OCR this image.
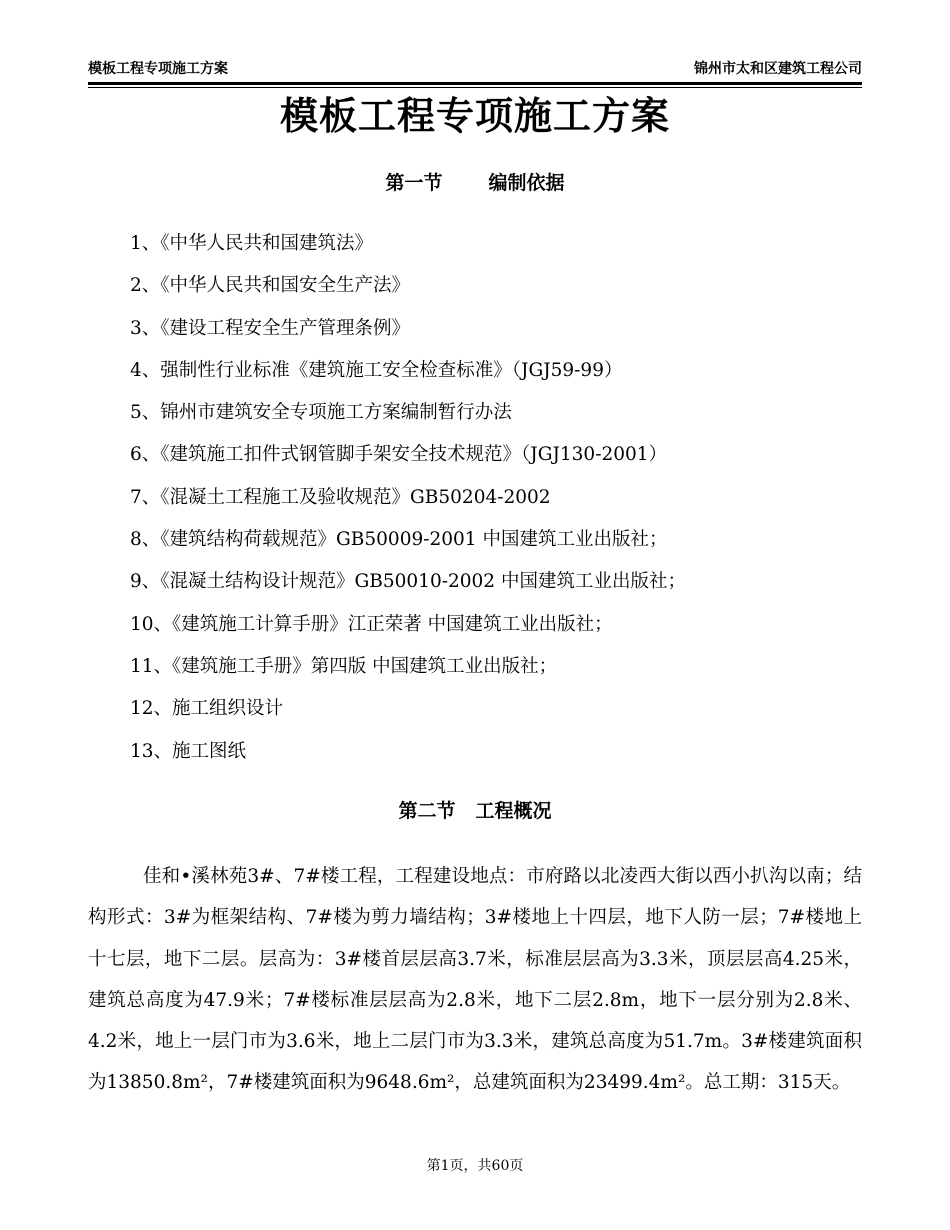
模板工程专项施工方案	锦州市太和区建筑工程公司
模板工程专项施工方案
第一节 编制依据
1、《中华人民共和国建筑法》
2、《中华人民共和国安全生产法》
3、《建设工程安全生产管理条例》
4、强制性行业标准《建筑施工安全检查标准》（JGJ59-99）
5、锦州市建筑安全专项施工方案编制暂行办法
6、《建筑施工扣件式钢管脚手架安全技术规范》（JGJ130-2001）
7、《混凝土工程施工及验收规范》GB50204-2002
8、《建筑结构荷载规范》GB50009-2001 中国建筑工业出版社；
9、《混凝土结构设计规范》GB50010-2002 中国建筑工业出版社；
10、《建筑施工计算手册》江正荣著 中国建筑工业出版社；
11、《建筑施工手册》第四版 中国建筑工业出版社；
12、施工组织设计
13、施工图纸
第二节 工程概况

佳和•溪林苑3#、7#楼工程，工程建设地点：市府路以北凌西大街以西小扒沟以南；结构形式：3#为框架结构、7#楼为剪力墙结构；3#楼地上十四层，地下人防一层；7#楼地上十七层，地下二层。层高为：3#楼首层层高3.7米，标准层层高为3.3米，顶层层高4.25米，建筑总高度为47.9米；7#楼标准层层高为2.8米，地下二层2.8m，地下一层分别为2.8米、4.2米，地上一层门市为3.6米，地上二层门市为3.3米，建筑总高度为51.7m。3#楼建筑面积为13850.8m²，7#楼建筑面积为9648.6m²，总建筑面积为23499.4m²。总工期：315天。

第1页，共60页
